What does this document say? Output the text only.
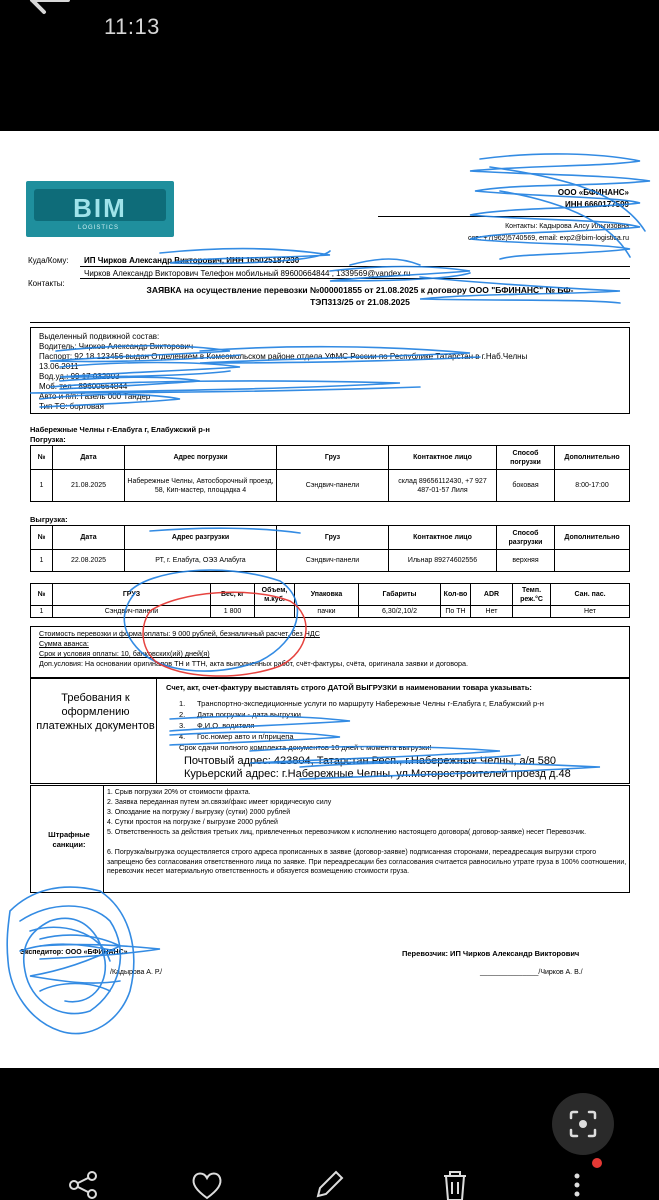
11:13
BIM
LOGISTICS
ООО «БФИНАНС»
ИНН 6660177599
Контакты: Кадырова Алсу Ильгизовна
сот.: +7(962)5740569, email: exp2@bim-logistica.ru
Куда/Кому: ИП Чирков Александр Викторович, ИНН 165025187230
Чирков Александр Викторович Телефон мобильный 89600664844 , 1339569@yandex.ru
Контакты:
ЗАЯВКА на осуществление перевозки №000001855 от 21.08.2025 к договору ООО "БФИНАНС" № БФ-
ТЭП313/25 от 21.08.2025
Выделенный подвижной состав:
Водитель: Чирков Александр Викторович
Паспорт: 92 18 123456 выдан Отделением в Комсомольском районе отдела УФМС России по Республике Татарстан в г.Наб.Челны
13.06.2011
Вод.уд.: 99 17 032903
Моб. тел.: 89600664844
Авто и п/п: Газель 000 Тандер
Тип ТС: бортовая
Набережные Челны г-Елабуга г, Елабужский р-н
Погрузка:
№	Дата	Адрес погрузки	Груз	Контактное лицо	Способ погрузки	Дополнительно
1	21.08.2025	Набережные Челны, Автосборочный проезд, 58, Кип-мастер, площадка 4	Сэндвич-панели	склад 89656112430, +7 927 487-01-57 Лиля	боковая	8:00-17:00
Выгрузка:
№	Дата	Адрес разгрузки	Груз	Контактное лицо	Способ разгрузки	Дополнительно
1	22.08.2025	РТ, г. Елабуга, ОЭЗ Алабуга	Сэндвич-панели	Ильнар 89274602556	верхняя	
№	ГРУЗ	Вес, кг	Объем, м.куб.	Упаковка	Габариты	Кол-во	ADR	Темп. реж.°С	Сан. пас.
1	Сэндвич-панели	1 800		пачки	6,30/2,10/2	По ТН	Нет		Нет
Стоимость перевозки и форма оплаты: 9 000 рублей, безналичный расчет, без НДС
Сумма аванса:
Срок и условия оплаты: 10, банковских(ий) дней(я)
Доп.условия: На основании оригиналов ТН и ТТН, акта выполненных работ, счёт-фактуры, счёта, оригинала заявки и договора.
Требования к оформлению платежных документов
Счет, акт, счет-фактуру выставлять строго ДАТОЙ ВЫГРУЗКИ в наименовании товара указывать:
1. Транспортно-экспедиционные услуги по маршруту Набережные Челны г-Елабуга г, Елабужский р-н
2. Дата погрузки - дата выгрузки
3. Ф.И.О. водителя
4. Гос.номер авто и п/прицепа
Срок сдачи полного комплекта документов 10 дней с момента выгрузки!
Почтовый адрес: 423804, Татарстан Респ., г.Набережные Челны, а/я 580
Курьерский адрес: г.Набережные Челны, ул.Моторостроителей проезд д.48
Штрафные санкции:
1. Срыв погрузки 20% от стоимости фрахта.
2. Заявка переданная путем эл.связи/факс имеет юридическую силу
3. Опоздание на погрузку / выгрузку (сутки) 2000 рублей
4. Сутки простоя на погрузке / выгрузке 2000 рублей
5. Ответственность за действия третьих лиц, привлеченных перевозчиком к исполнению настоящего договора( договор-заявке) несет Перевозчик.
6. Погрузка/выгрузка осуществляется строго адреса прописанных в заявке (договор-заявке) подписанная сторонами, переадресация выгрузки строго запрещено без согласования ответственного лица по заявке. При переадресации без согласования считается равносильно утрате груза в 100% соотношении, перевозчик несет материальную ответственность и обязуется возмещению стоимости груза.
Экспедитор: ООО «БФИНАНС»
/Кадырова А. Р./
Перевозчик: ИП Чирков Александр Викторович
_______________/Чирков А. В./
